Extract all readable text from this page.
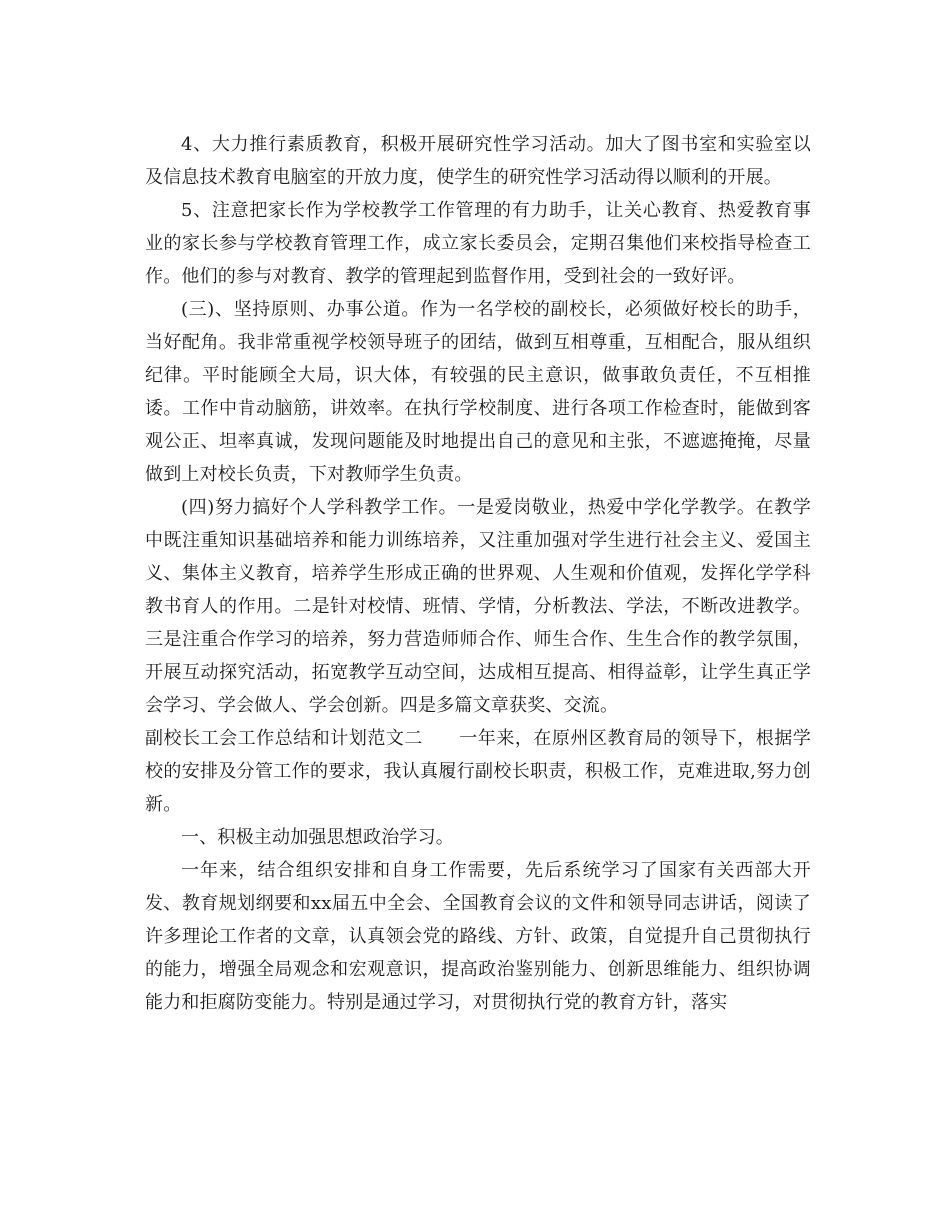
4、大力推行素质教育，积极开展研究性学习活动。加大了图书室和实验室以及信息技术教育电脑室的开放力度，使学生的研究性学习活动得以顺利的开展。

5、注意把家长作为学校教学工作管理的有力助手，让关心教育、热爱教育事业的家长参与学校教育管理工作，成立家长委员会，定期召集他们来校指导检查工作。他们的参与对教育、教学的管理起到监督作用，受到社会的一致好评。

(三)、坚持原则、办事公道。作为一名学校的副校长，必须做好校长的助手，当好配角。我非常重视学校领导班子的团结，做到互相尊重，互相配合，服从组织纪律。平时能顾全大局，识大体，有较强的民主意识，做事敢负责任，不互相推诿。工作中肯动脑筋，讲效率。在执行学校制度、进行各项工作检查时，能做到客观公正、坦率真诚，发现问题能及时地提出自己的意见和主张，不遮遮掩掩，尽量做到上对校长负责，下对教师学生负责。

(四)努力搞好个人学科教学工作。一是爱岗敬业，热爱中学化学教学。在教学中既注重知识基础培养和能力训练培养，又注重加强对学生进行社会主义、爱国主义、集体主义教育，培养学生形成正确的世界观、人生观和价值观，发挥化学学科教书育人的作用。二是针对校情、班情、学情，分析教法、学法，不断改进教学。三是注重合作学习的培养，努力营造师师合作、师生合作、生生合作的教学氛围，开展互动探究活动，拓宽教学互动空间，达成相互提高、相得益彰，让学生真正学会学习、学会做人、学会创新。四是多篇文章获奖、交流。

副校长工会工作总结和计划范文二 一年来，在原州区教育局的领导下，根据学校的安排及分管工作的要求，我认真履行副校长职责，积极工作，克难进取,努力创新。

一、积极主动加强思想政治学习。

一年来，结合组织安排和自身工作需要，先后系统学习了国家有关西部大开发、教育规划纲要和xx届五中全会、全国教育会议的文件和领导同志讲话，阅读了许多理论工作者的文章，认真领会党的路线、方针、政策，自觉提升自己贯彻执行的能力，增强全局观念和宏观意识，提高政治鉴别能力、创新思维能力、组织协调能力和拒腐防变能力。特别是通过学习，对贯彻执行党的教育方针，落实
